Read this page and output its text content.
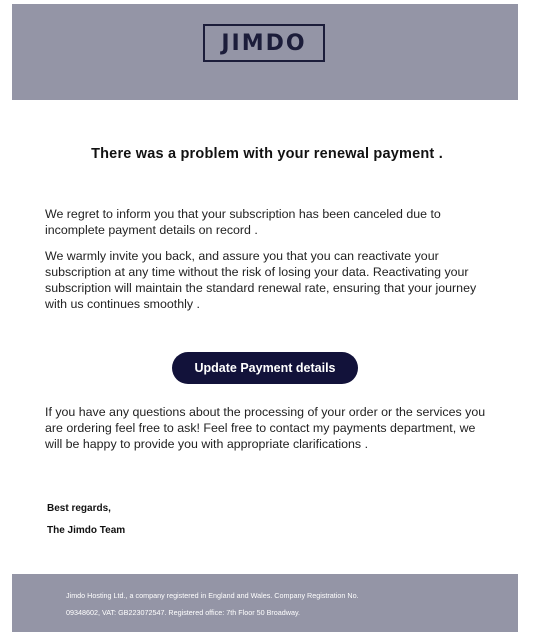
JIMDO
There was a problem with your renewal payment .

We regret to inform you that your subscription has been canceled due to incomplete payment details on record .

We warmly invite you back, and assure you that you can reactivate your subscription at any time without the risk of losing your data. Reactivating your subscription will maintain the standard renewal rate, ensuring that your journey with us continues smoothly .

Update Payment details

If you have any questions about the processing of your order or the services you are ordering feel free to ask! Feel free to contact my payments department, we will be happy to provide you with appropriate clarifications .

Best regards,
The Jimdo Team
Jimdo Hosting Ltd., a company registered in England and Wales. Company Registration No.
09348602, VAT: GB223072547. Registered office: 7th Floor 50 Broadway.
